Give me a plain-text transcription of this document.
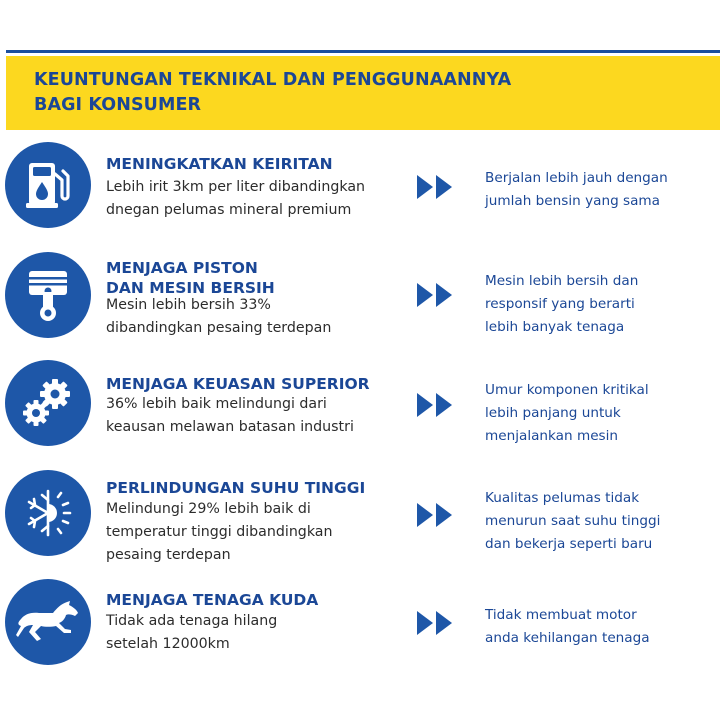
KEUNTUNGAN TEKNIKAL DAN PENGGUNAANNYA
BAGI KONSUMER
MENINGKATKAN KEIRITAN
Lebih irit 3km per liter dibandingkan
dnegan pelumas mineral premium
Berjalan lebih jauh dengan
jumlah bensin yang sama
MENJAGA PISTON
DAN MESIN BERSIH
Mesin lebih bersih 33%
dibandingkan pesaing terdepan
Mesin lebih bersih dan
responsif yang berarti
lebih banyak tenaga
MENJAGA KEUASAN SUPERIOR
36% lebih baik melindungi dari
keausan melawan batasan industri
Umur komponen kritikal
lebih panjang untuk
menjalankan mesin
PERLINDUNGAN SUHU TINGGI
Melindungi 29% lebih baik di
temperatur tinggi dibandingkan
pesaing terdepan
Kualitas pelumas tidak
menurun saat suhu tinggi
dan bekerja seperti baru
MENJAGA TENAGA KUDA
Tidak ada tenaga hilang
setelah 12000km
Tidak membuat motor
anda kehilangan tenaga
